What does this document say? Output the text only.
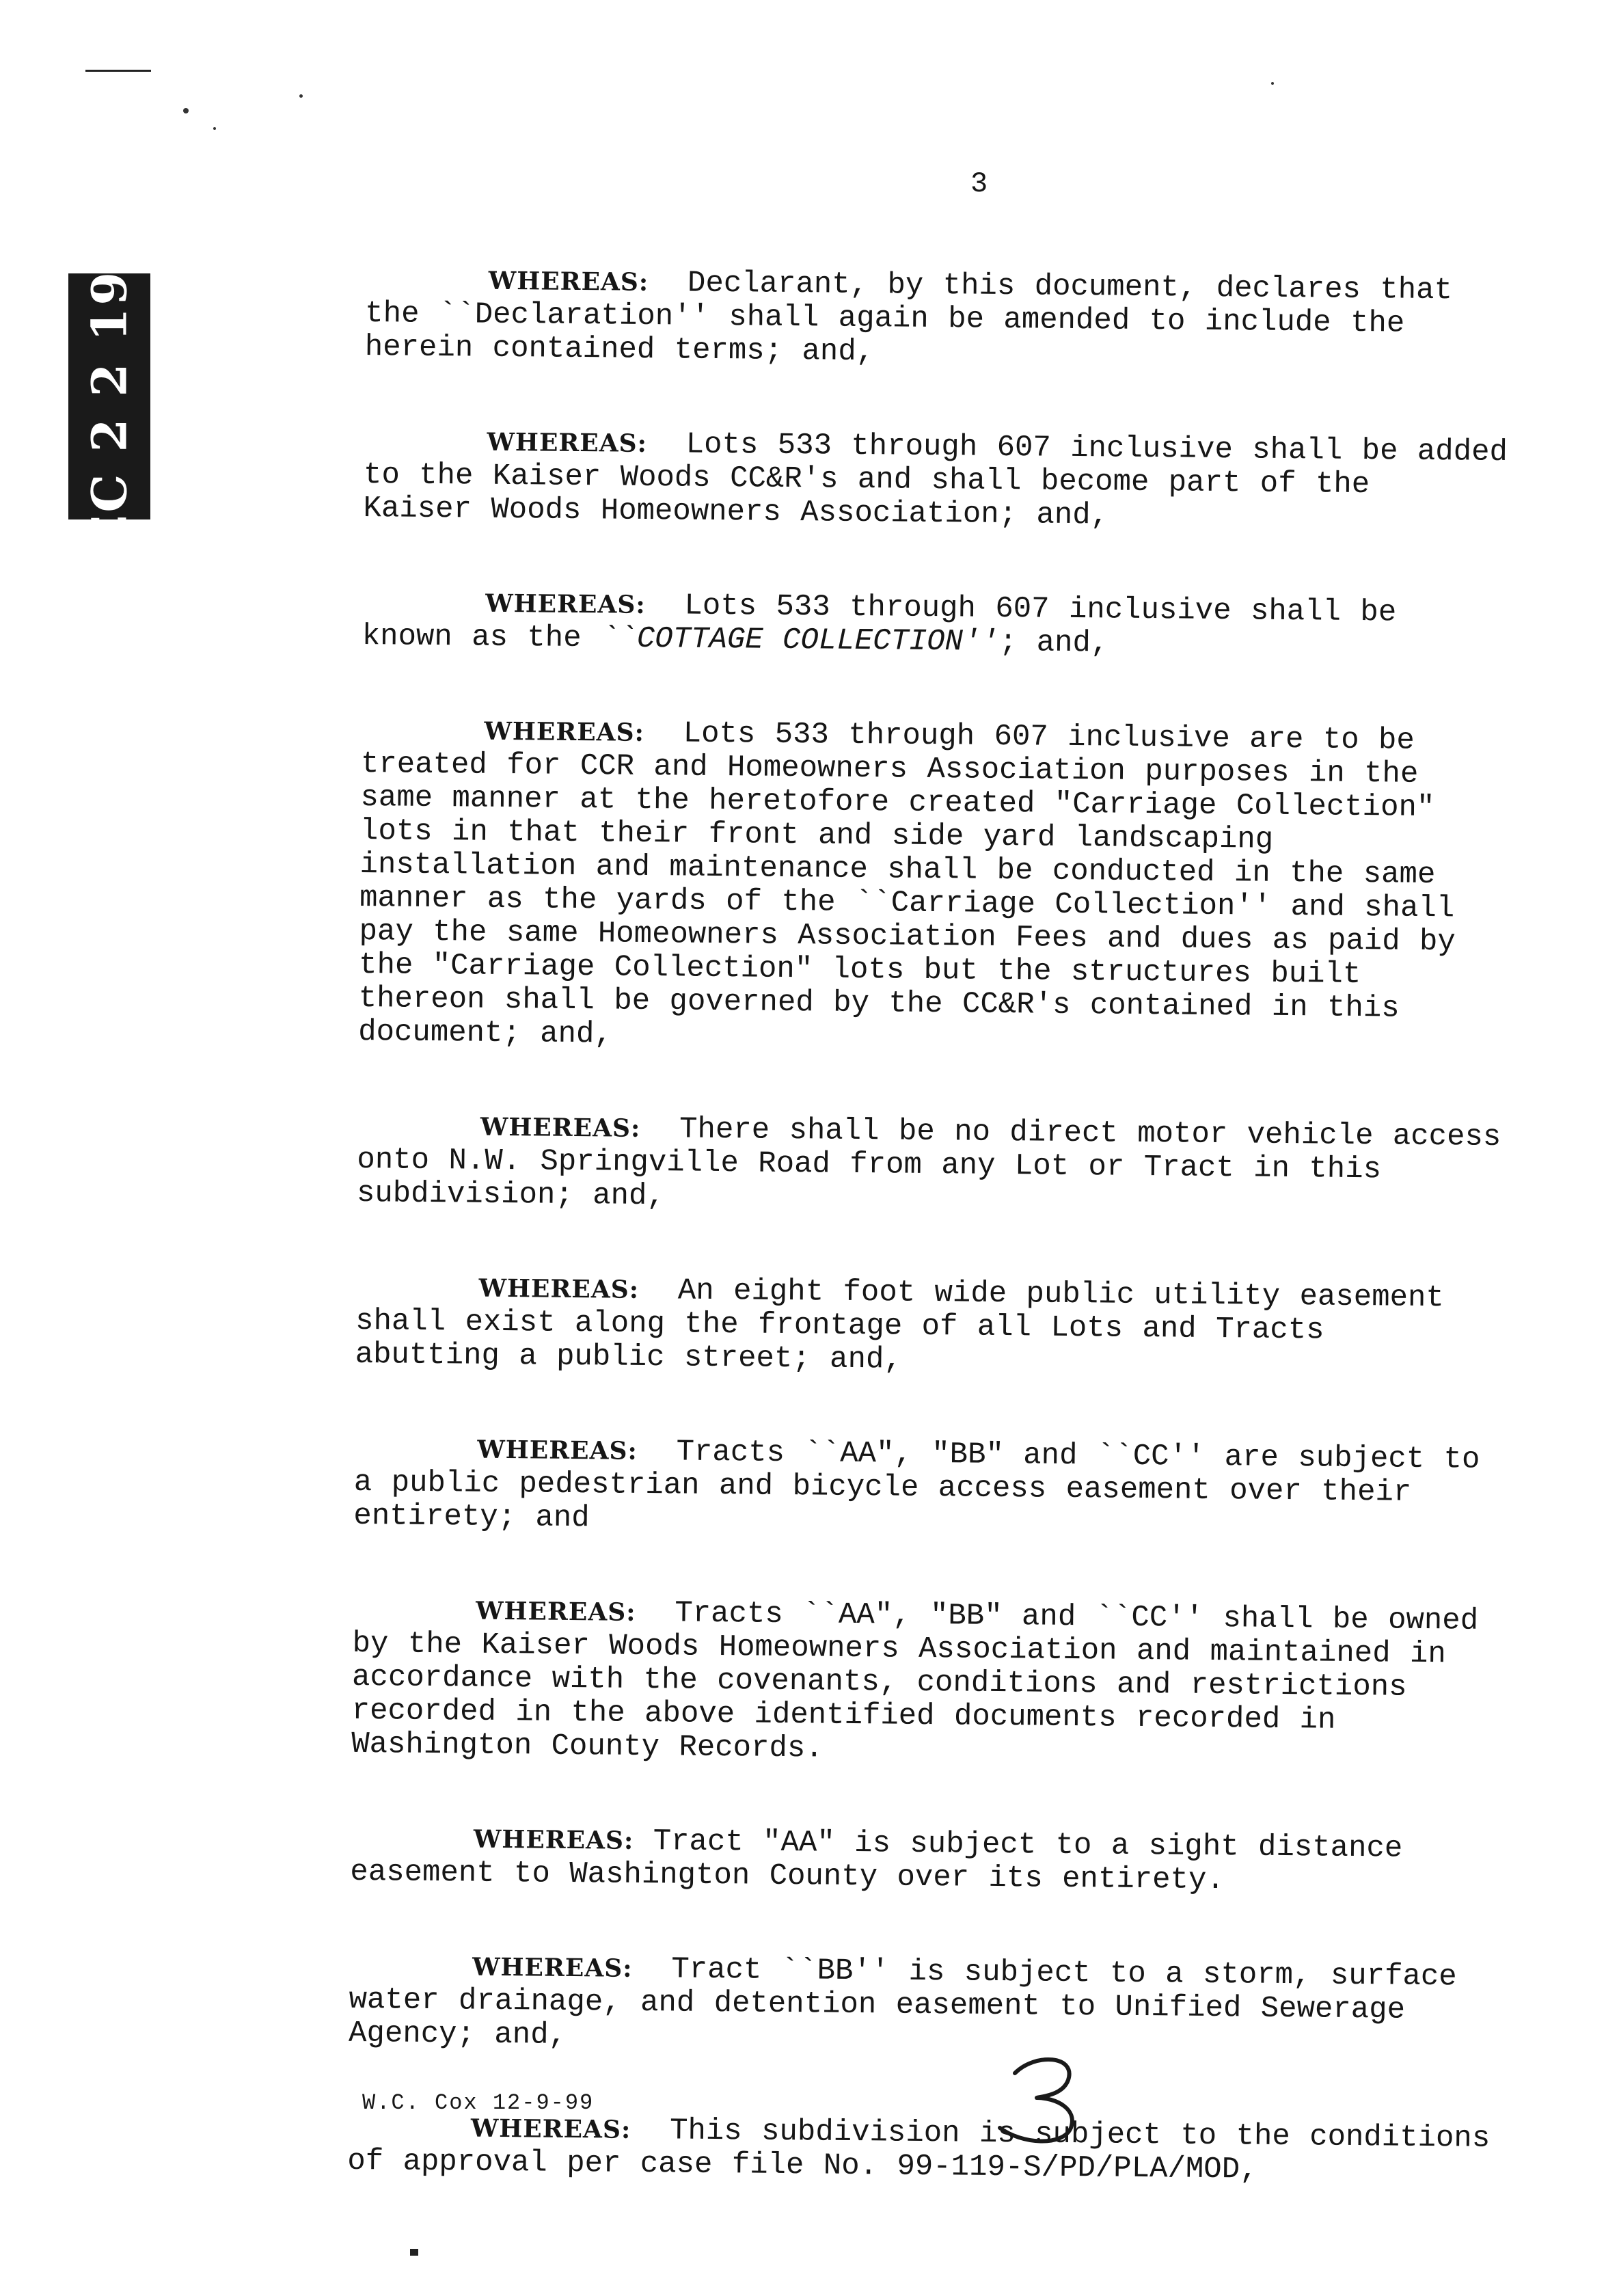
3
DEC 2 2 1999	WHEREAS: Declarant, by this document, declares that
the ``Declaration'' shall again be amended to include the
herein contained terms; and,

WHEREAS: Lots 533 through 607 inclusive shall be added
to the Kaiser Woods CC&R's and shall become part of the
Kaiser Woods Homeowners Association; and,

WHEREAS: Lots 533 through 607 inclusive shall be
known as the ``COTTAGE COLLECTION''; and,

WHEREAS: Lots 533 through 607 inclusive are to be
treated for CCR and Homeowners Association purposes in the
same manner at the heretofore created "Carriage Collection"
lots in that their front and side yard landscaping
installation and maintenance shall be conducted in the same
manner as the yards of the ``Carriage Collection'' and shall
pay the same Homeowners Association Fees and dues as paid by
the "Carriage Collection" lots but the structures built
thereon shall be governed by the CC&R's contained in this
document; and,

WHEREAS: There shall be no direct motor vehicle access
onto N.W. Springville Road from any Lot or Tract in this
subdivision; and,

WHEREAS: An eight foot wide public utility easement
shall exist along the frontage of all Lots and Tracts
abutting a public street; and,

WHEREAS: Tracts ``AA", "BB" and ``CC'' are subject to
a public pedestrian and bicycle access easement over their
entirety; and

WHEREAS: Tracts ``AA", "BB" and ``CC'' shall be owned
by the Kaiser Woods Homeowners Association and maintained in
accordance with the covenants, conditions and restrictions
recorded in the above identified documents recorded in
Washington County Records.

WHEREAS: Tract "AA" is subject to a sight distance
easement to Washington County over its entirety.

WHEREAS: Tract ``BB'' is subject to a storm, surface
water drainage, and detention easement to Unified Sewerage
Agency; and,

WHEREAS: This subdivision is subject to the conditions
of approval per case file No. 99-119-S/PD/PLA/MOD,

W.C. Cox 12-9-99
